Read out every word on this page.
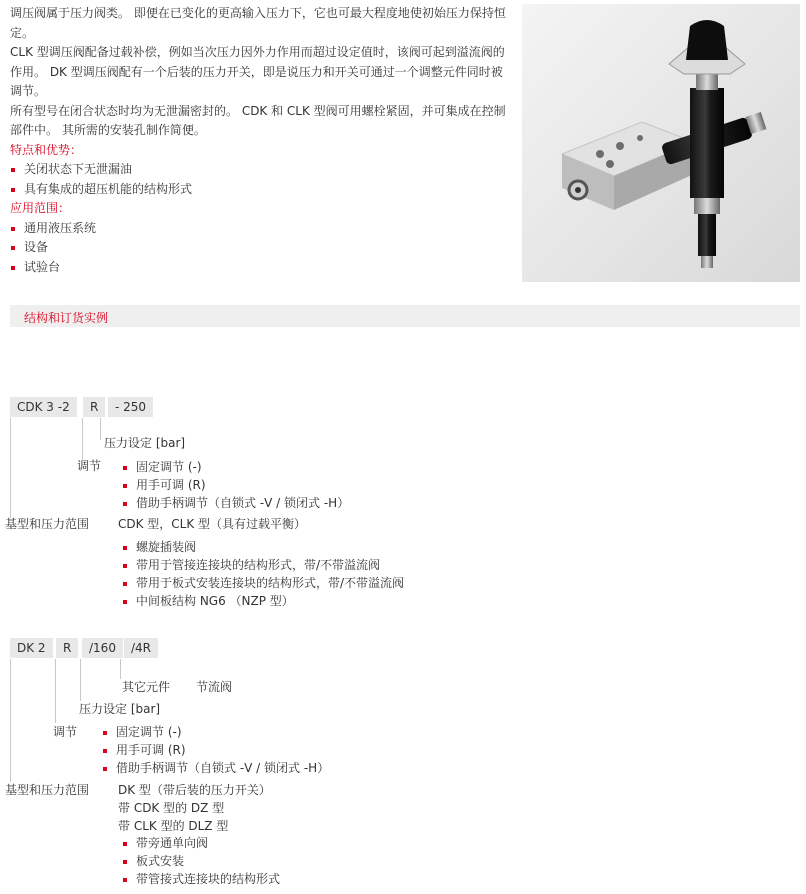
调压阀属于压力阀类。 即便在已变化的更高输入压力下，它也可最大程度地使初始压力保持恒定。

CLK 型调压阀配备过载补偿，例如当次压力因外力作用而超过设定值时，该阀可起到溢流阀的作用。 DK 型调压阀配有一个后装的压力开关，即是说压力和开关可通过一个调整元件同时被调节。

所有型号在闭合状态时均为无泄漏密封的。 CDK 和 CLK 型阀可用螺栓紧固，并可集成在控制部件中。 其所需的安装孔制作简便。

特点和优势：
关闭状态下无泄漏油
具有集成的超压机能的结构形式
应用范围：
通用液压系统
设备
试验台
结构和订货实例
CDK 3 -2	R	- 250
压力设定 [bar]
调节	固定调节 (-)
用手可调 (R)
借助手柄调节（自锁式 -V / 锁闭式 -H）
基型和压力范围 CDK 型，CLK 型（具有过载平衡）
螺旋插装阀
带用于管接连接块的结构形式，带/不带溢流阀
带用于板式安装连接块的结构形式，带/不带溢流阀
中间板结构 NG6 （NZP 型）
DK 2	R	/160	/4R
其它元件 节流阀
压力设定 [bar]
调节	固定调节 (-)
用手可调 (R)
借助手柄调节（自锁式 -V / 锁闭式 -H）
基型和压力范围 DK 型（带后装的压力开关）
带 CDK 型的 DZ 型
带 CLK 型的 DLZ 型
带旁通单向阀
板式安装
带管接式连接块的结构形式
